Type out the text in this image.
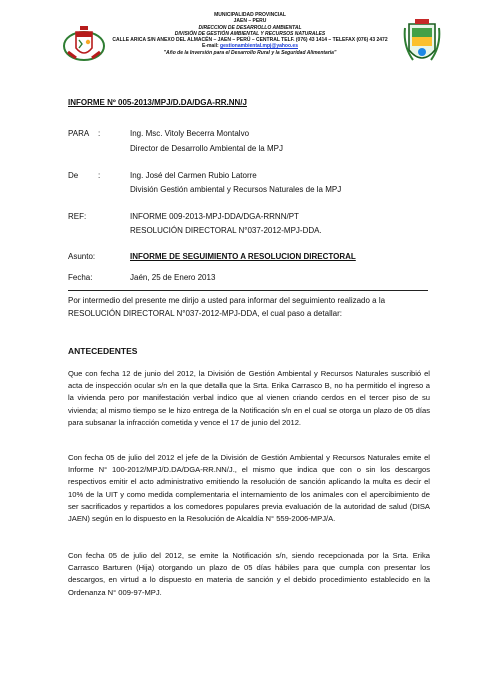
MUNICIPALIDAD PROVINCIAL
JAEN – PERU
DIRECCION DE DESARROLLO AMBIENTAL
DIVISIÓN DE GESTIÓN AMBIENTAL Y RECURSOS NATURALES
CALLE ARICA S/N ANEXO DEL ALMACÉN – JAEN – PERÚ – CENTRAL TELF. (076) 43 1414 – TELEFAX (076) 43 2472
E-mail: gestionambiental.mpj@yahoo.es
"Año de la Inversión para el Desarrollo Rural y la Seguridad Alimentaria"
INFORME Nº 005-2013/MPJ/D.DA/DGA-RR.NN/J
PARA :	Ing. Msc. Vitoly Becerra Montalvo
Director de Desarrollo Ambiental de la MPJ
De :	Ing. José del Carmen Rubio Latorre
División Gestión ambiental y Recursos Naturales de la MPJ
REF:	INFORME 009-2013-MPJ-DDA/DGA-RRNN/PT
RESOLUCIÓN DIRECTORAL N°037-2012-MPJ-DDA.
Asunto:	INFORME DE SEGUIMIENTO A RESOLUCION DIRECTORAL
Fecha:	Jaén, 25 de Enero 2013
Por intermedio del presente me dirijo a usted para informar del seguimiento realizado a la RESOLUCIÓN DIRECTORAL N°037-2012-MPJ-DDA, el cual paso a detallar:
ANTECEDENTES
Que con fecha 12 de junio del 2012, la División de Gestión Ambiental y Recursos Naturales suscribió el acta de inspección ocular s/n en la que detalla que la Srta. Erika Carrasco B, no ha permitido el ingreso a la vivienda pero por manifestación verbal indico que al vienen criando cerdos en el tercer piso de su vivienda; al mismo tiempo se le hizo entrega de la Notificación s/n en el cual se otorga un plazo de 05 días para subsanar la infracción cometida y vence el 17 de junio del 2012.
Con fecha 05 de julio del 2012 el jefe de la División de Gestión Ambiental y Recursos Naturales emite el Informe N° 100-2012/MPJ/D.DA/DGA-RR.NN/J., el mismo que indica que con o sin los descargos respectivos emitir el acto administrativo emitiendo la resolución de sanción aplicando la multa es decir el 10% de la UIT y como medida complementaria el internamiento de los animales con el apercibimiento de ser sacrificados y repartidos a los comedores populares previa evaluación de la autoridad de salud (DISA JAEN) según en lo dispuesto en la Resolución de Alcaldía N° 559-2006-MPJ/A.
Con fecha 05 de julio del 2012, se emite la Notificación s/n, siendo recepcionada por la Srta. Erika Carrasco Barturen (Hija) otorgando un plazo de 05 días hábiles para que cumpla con presentar los descargos, en virtud a lo dispuesto en materia de sanción y el debido procedimiento establecido en la Ordenanza N° 009-97-MPJ.
